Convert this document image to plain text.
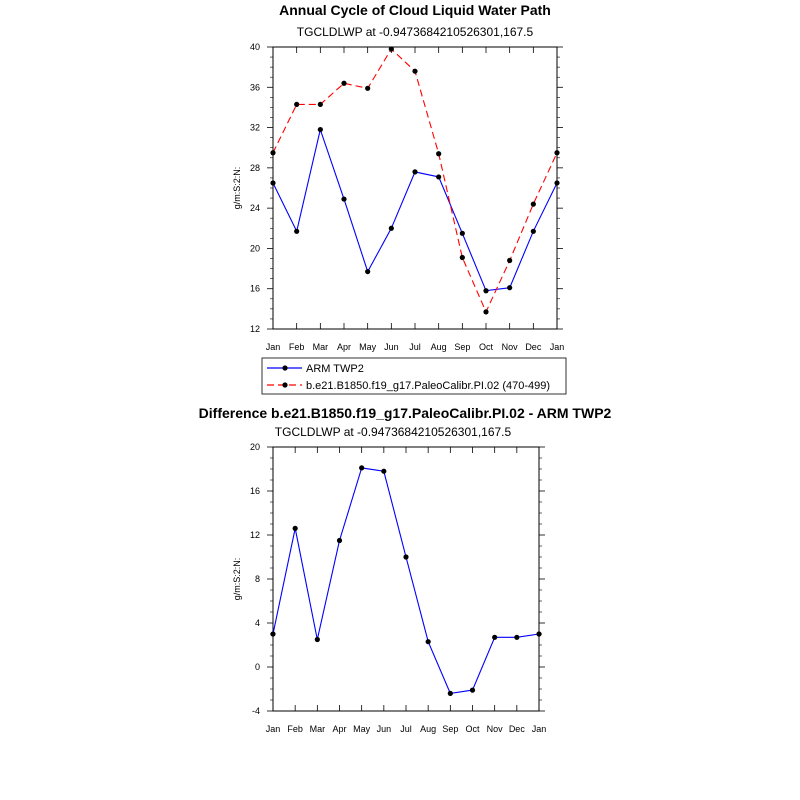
Annual Cycle of Cloud Liquid Water Path
TGCLDLWP at -0.9473684210526301,167.5
g/m:S:2:N:
Jan Feb Mar Apr May Jun Jul Aug Sep Oct Nov Dec Jan
12
16
20
24
28
32
36
40
ARM TWP2
b.e21.B1850.f19_g17.PaleoCalibr.PI.02 (470-499)
Difference b.e21.B1850.f19_g17.PaleoCalibr.PI.02 - ARM TWP2
TGCLDLWP at -0.9473684210526301,167.5
g/m:S:2:N:
Jan Feb Mar Apr May Jun Jul Aug Sep Oct Nov Dec Jan
-4
0
4
8
12
16
20
